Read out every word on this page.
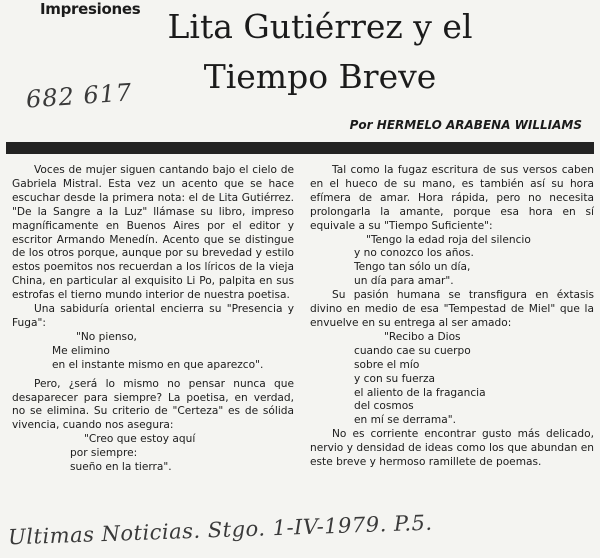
Impresiones Lita Gutiérrez y el
Tiempo Breve
682 617
Por HERMELO ARABENA WILLIAMS

Voces de mujer siguen cantando bajo el cielo de Gabriela Mistral. Esta vez un acento que se hace escuchar desde la primera nota: el de Lita Gutiérrez. "De la Sangre a la Luz" llámase su libro, impreso magníficamente en Buenos Aires por el editor y escritor Armando Menedín. Acento que se distingue de los otros porque, aunque por su brevedad y estilo estos poemitos nos recuerdan a los líricos de la vieja China, en particular al exquisito Li Po, palpita en sus estrofas el tierno mundo interior de nuestra poetisa.

Una sabiduría oriental encierra su "Presencia y Fuga":

"No pienso,

Me elimino

en el instante mismo en que aparezco".

Pero, ¿será lo mismo no pensar nunca que desaparecer para siempre? La poetisa, en verdad, no se elimina. Su criterio de "Certeza" es de sólida vivencia, cuando nos asegura:

"Creo que estoy aquí

por siempre:

sueño en la tierra".

Tal como la fugaz escritura de sus versos caben en el hueco de su mano, es también así su hora efímera de amar. Hora rápida, pero no necesita prolongarla la amante, porque esa hora en sí equivale a su "Tiempo Suficiente":

"Tengo la edad roja del silencio

y no conozco los años.

Tengo tan sólo un día,

un día para amar".

Su pasión humana se transfigura en éxtasis divino en medio de esa "Tempestad de Miel" que la envuelve en su entrega al ser amado:

"Recibo a Dios

cuando cae su cuerpo

sobre el mío

y con su fuerza

el aliento de la fragancia

del cosmos

en mí se derrama".

No es corriente encontrar gusto más delicado, nervio y densidad de ideas como los que abundan en este breve y hermoso ramillete de poemas.

Ultimas Noticias. Stgo. 1-IV-1979. P.5.
